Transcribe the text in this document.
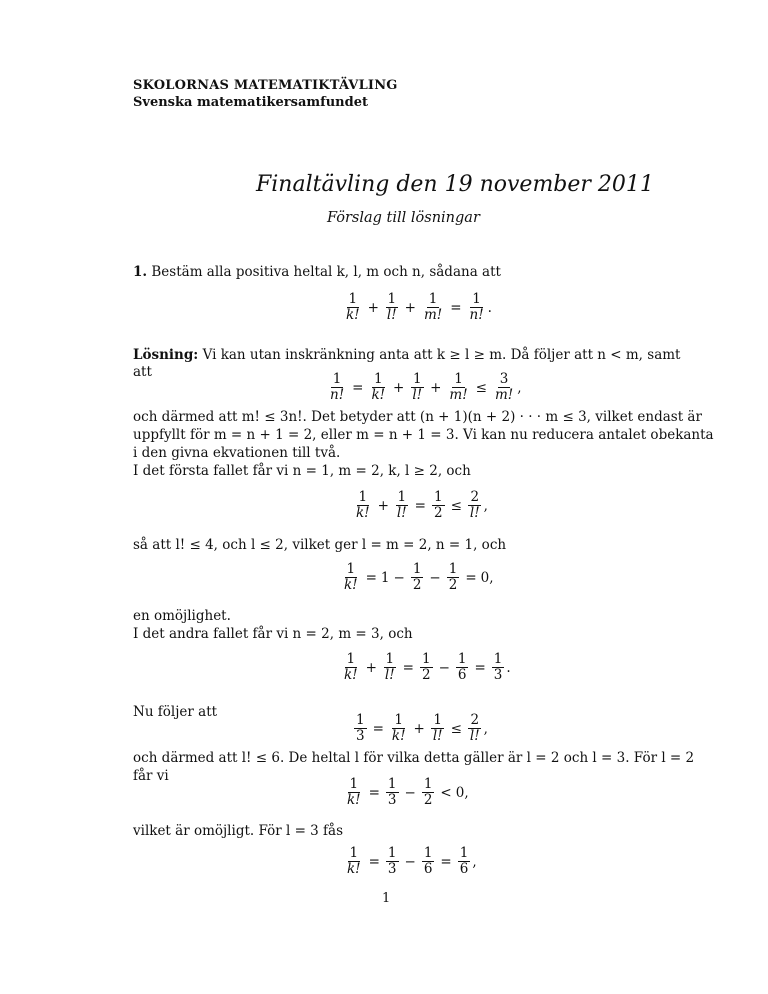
SKOLORNAS MATEMATIKTÄVLING
Svenska matematikersamfundet
Finaltävling den 19 november 2011
Förslag till lösningar
1. Bestäm alla positiva heltal k, l, m och n, sådana att
$\frac{1}{k!} + \frac{1}{l!} + \frac{1}{m!} = \frac{1}{n!}$ .
Lösning: Vi kan utan inskränkning anta att k ≥ l ≥ m. Då följer att n < m, samt
att	$\frac{1}{n!} = \frac{1}{k!} + \frac{1}{l!} + \frac{1}{m!} \le \frac{3}{m!}$ ,
och därmed att m! ≤ 3n!. Det betyder att (n + 1)(n + 2) · · · m ≤ 3, vilket endast är
uppfyllt för m = n + 1 = 2, eller m = n + 1 = 3. Vi kan nu reducera antalet obekanta
i den givna ekvationen till två.
I det första fallet får vi n = 1, m = 2, k, l ≥ 2, och
$\frac{1}{k!} + \frac{1}{l!} = \frac{1}{2} \le \frac{2}{l!}$ ,
så att l! ≤ 4, och l ≤ 2, vilket ger l = m = 2, n = 1, och
$\frac{1}{k!} = 1 - \frac{1}{2} - \frac{1}{2} = 0$,
en omöjlighet.
I det andra fallet får vi n = 2, m = 3, och
$\frac{1}{k!} + \frac{1}{l!} = \frac{1}{2} - \frac{1}{6} = \frac{1}{3}$ .
Nu följer att
$\frac{1}{3} = \frac{1}{k!} + \frac{1}{l!} \le \frac{2}{l!}$ ,
och därmed att l! ≤ 6. De heltal l för vilka detta gäller är l = 2 och l = 3. För l = 2
får vi
$\frac{1}{k!} = \frac{1}{3} - \frac{1}{2} < 0$,
vilket är omöjligt. För l = 3 fås
$\frac{1}{k!} = \frac{1}{3} - \frac{1}{6} = \frac{1}{6}$ ,
1
